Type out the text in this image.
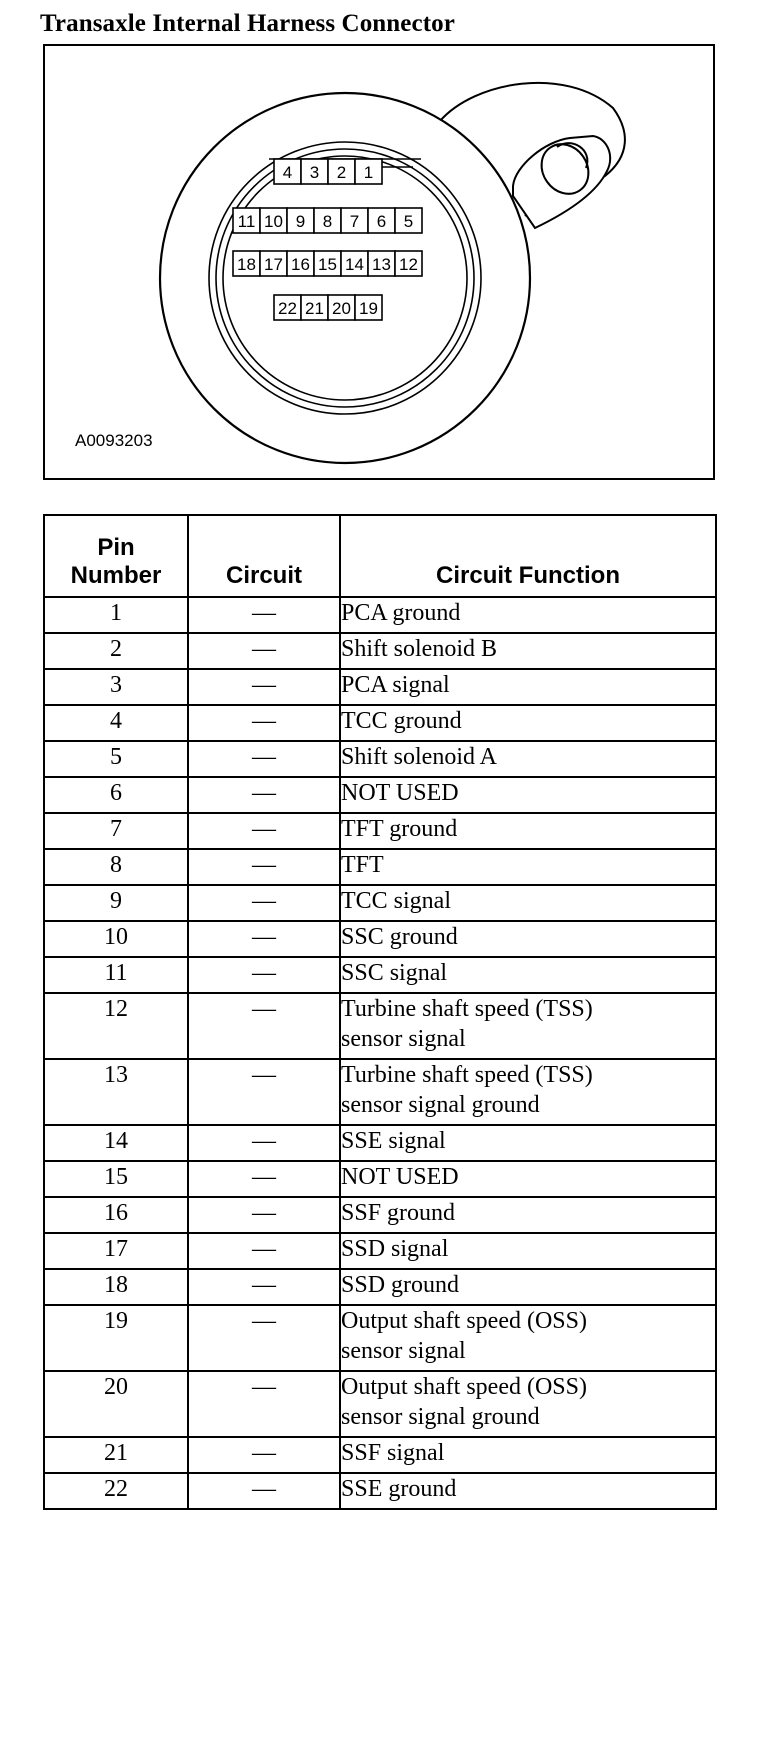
Transaxle Internal Harness Connector
4 3 2 1
11 10 9 8 7 6 5
18 17 16 15 14 13 12
22 21 20 19
A0093203
Pin
Number	Circuit	Circuit Function
1	—	PCA ground
2	—	Shift solenoid B
3	—	PCA signal
4	—	TCC ground
5	—	Shift solenoid A
6	—	NOT USED
7	—	TFT ground
8	—	TFT
9	—	TCC signal
10	—	SSC ground
11	—	SSC signal
12	—	Turbine shaft speed (TSS)
sensor signal
13	—	Turbine shaft speed (TSS)
sensor signal ground
14	—	SSE signal
15	—	NOT USED
16	—	SSF ground
17	—	SSD signal
18	—	SSD ground
19	—	Output shaft speed (OSS)
sensor signal
20	—	Output shaft speed (OSS)
sensor signal ground
21	—	SSF signal
22	—	SSE ground
